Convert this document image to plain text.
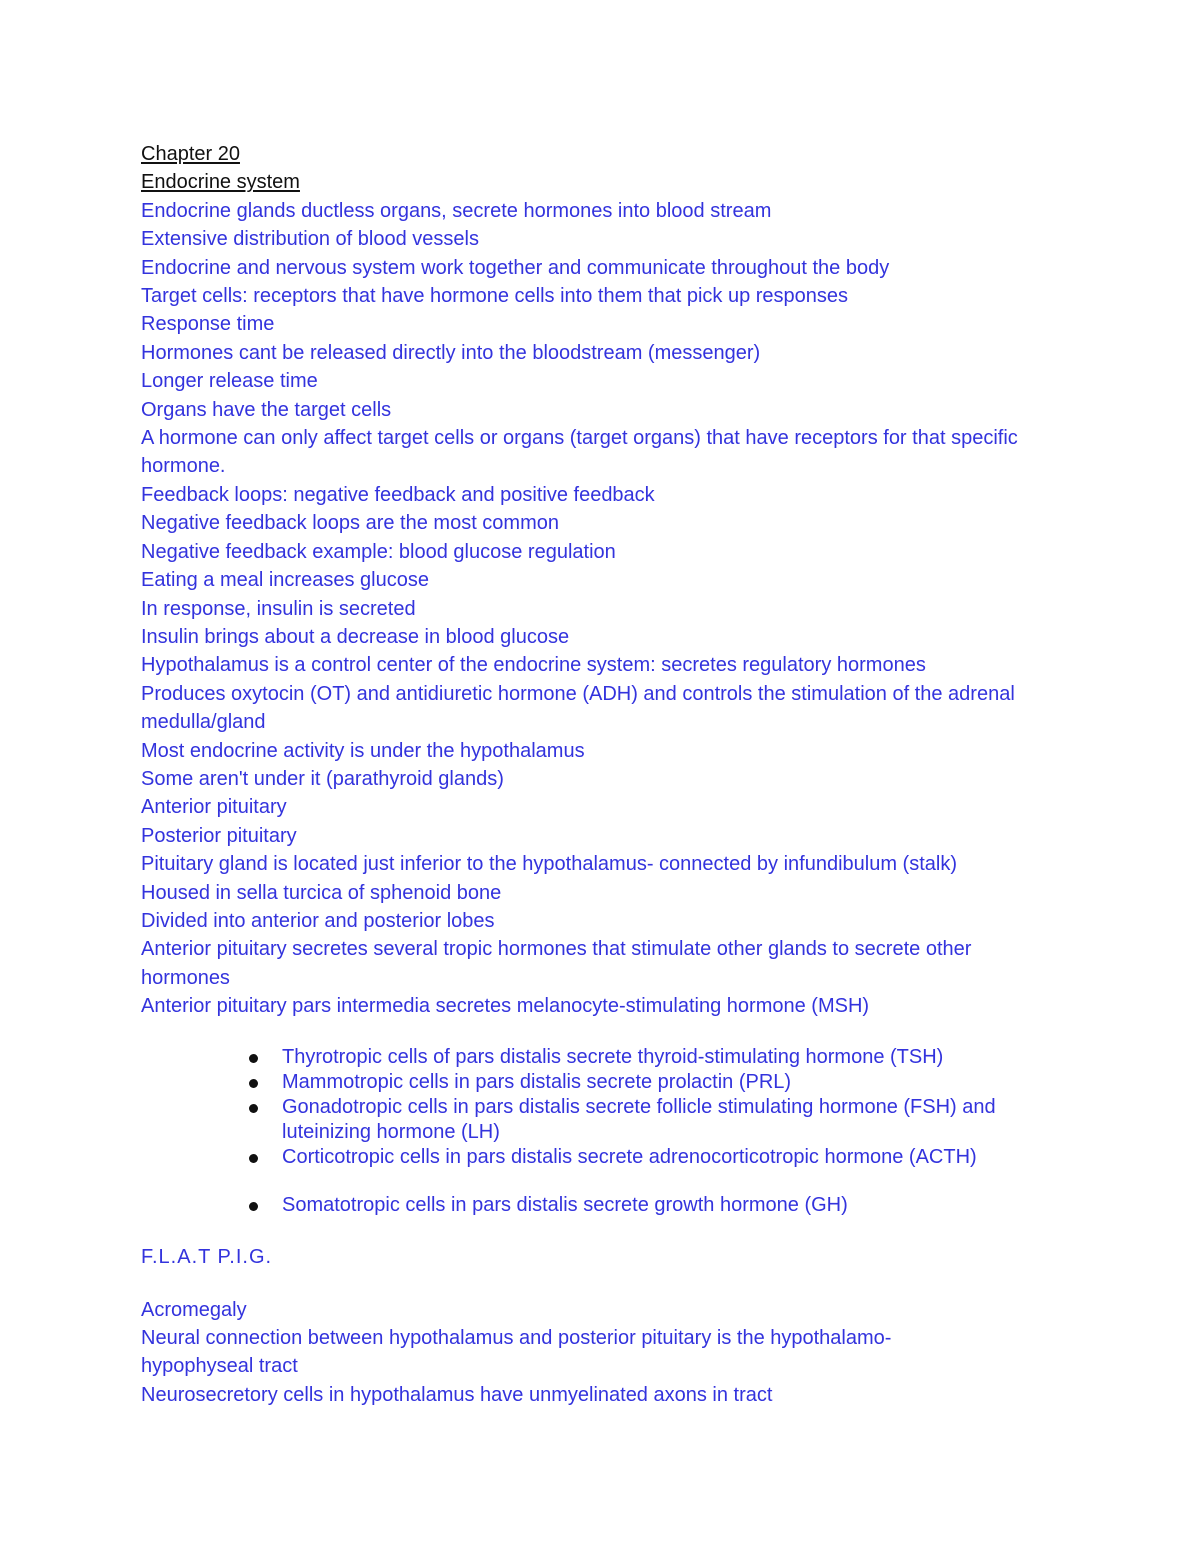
Chapter 20
Endocrine system
Endocrine glands ductless organs, secrete hormones into blood stream
Extensive distribution of blood vessels
Endocrine and nervous system work together and communicate throughout the body
Target cells: receptors that have hormone cells into them that pick up responses
Response time
Hormones cant be released directly into the bloodstream (messenger)
Longer release time
Organs have the target cells
A hormone can only affect target cells or organs (target organs) that have receptors for that specific hormone.
Feedback loops: negative feedback and positive feedback
Negative feedback loops are the most common
Negative feedback example: blood glucose regulation
Eating a meal increases glucose
In response, insulin is secreted
Insulin brings about a decrease in blood glucose
Hypothalamus is a control center of the endocrine system: secretes regulatory hormones
Produces oxytocin (OT) and antidiuretic hormone (ADH) and controls the stimulation of the adrenal medulla/gland
Most endocrine activity is under the hypothalamus
Some aren't under it (parathyroid glands)
Anterior pituitary
Posterior pituitary
Pituitary gland is located just inferior to the hypothalamus- connected by infundibulum (stalk)
Housed in sella turcica of sphenoid bone
Divided into anterior and posterior lobes
Anterior pituitary secretes several tropic hormones that stimulate other glands to secrete other hormones
Anterior pituitary pars intermedia secretes melanocyte-stimulating hormone (MSH)
Thyrotropic cells of pars distalis secrete thyroid-stimulating hormone (TSH)
Mammotropic cells in pars distalis secrete prolactin (PRL)
Gonadotropic cells in pars distalis secrete follicle stimulating hormone (FSH) and luteinizing hormone (LH)
Corticotropic cells in pars distalis secrete adrenocorticotropic hormone (ACTH)
Somatotropic cells in pars distalis secrete growth hormone (GH)
F.L.A.T P.I.G.
Acromegaly
Neural connection between hypothalamus and posterior pituitary is the hypothalamo-hypophyseal tract
Neurosecretory cells in hypothalamus have unmyelinated axons in tract
